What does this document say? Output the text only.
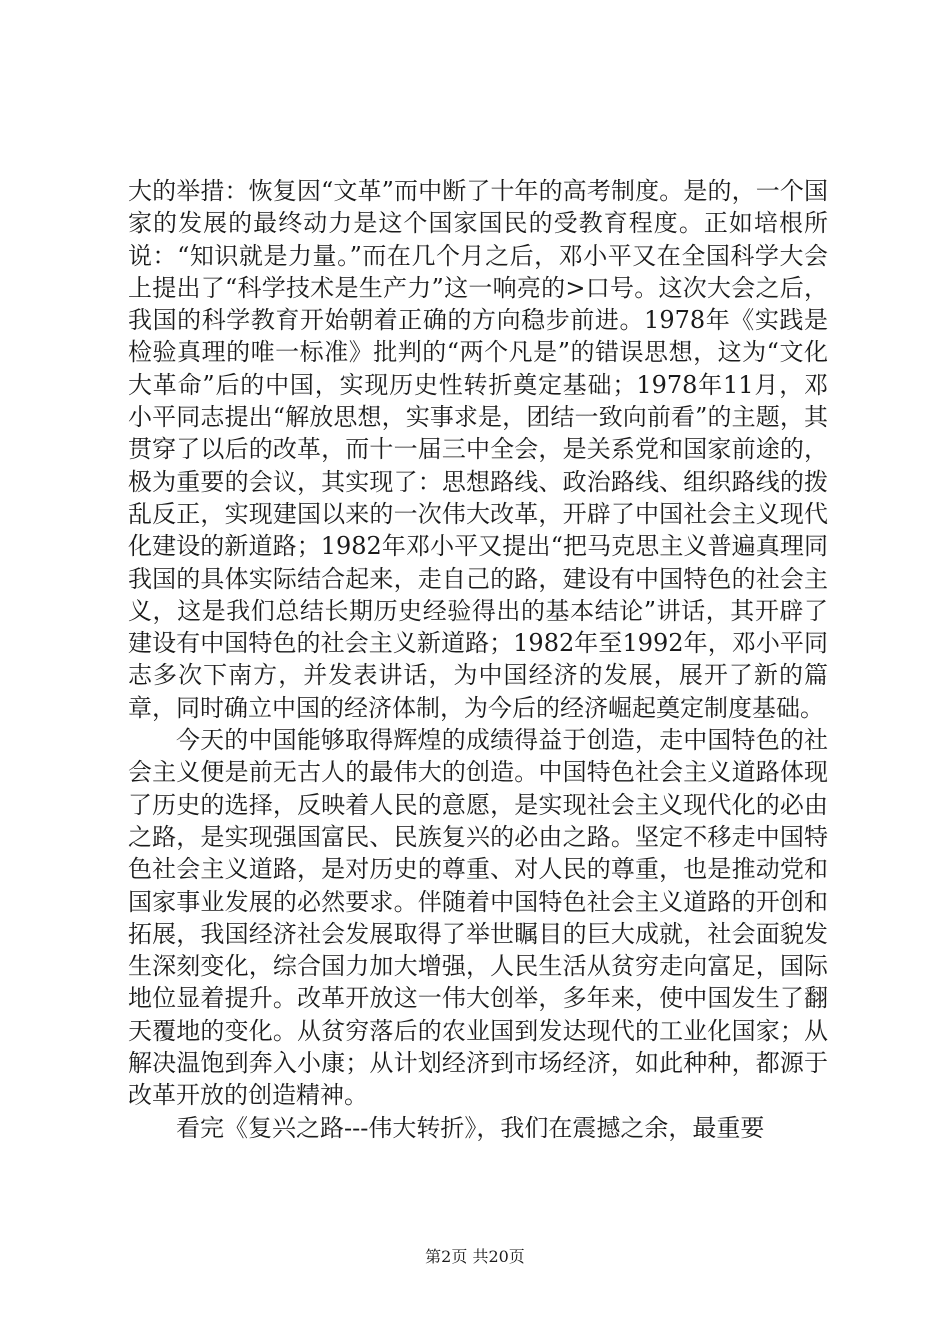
大的举措：恢复因“文革”而中断了十年的高考制度。是的，一个国家的发展的最终动力是这个国家国民的受教育程度。正如培根所说：“知识就是力量。”而在几个月之后，邓小平又在全国科学大会上提出了“科学技术是生产力”这一响亮的>口号。这次大会之后，我国的科学教育开始朝着正确的方向稳步前进。1978年《实践是检验真理的唯一标准》批判的“两个凡是”的错误思想，这为“文化大革命”后的中国，实现历史性转折奠定基础；1978年11月，邓小平同志提出“解放思想，实事求是，团结一致向前看”的主题，其贯穿了以后的改革，而十一届三中全会，是关系党和国家前途的，极为重要的会议，其实现了：思想路线、政治路线、组织路线的拨乱反正，实现建国以来的一次伟大改革，开辟了中国社会主义现代化建设的新道路；1982年邓小平又提出“把马克思主义普遍真理同我国的具体实际结合起来，走自己的路，建设有中国特色的社会主义，这是我们总结长期历史经验得出的基本结论”讲话，其开辟了建设有中国特色的社会主义新道路；1982年至1992年，邓小平同志多次下南方，并发表讲话，为中国经济的发展，展开了新的篇章，同时确立中国的经济体制，为今后的经济崛起奠定制度基础。

今天的中国能够取得辉煌的成绩得益于创造，走中国特色的社会主义便是前无古人的最伟大的创造。中国特色社会主义道路体现了历史的选择，反映着人民的意愿，是实现社会主义现代化的必由之路，是实现强国富民、民族复兴的必由之路。坚定不移走中国特色社会主义道路，是对历史的尊重、对人民的尊重，也是推动党和国家事业发展的必然要求。伴随着中国特色社会主义道路的开创和拓展，我国经济社会发展取得了举世瞩目的巨大成就，社会面貌发生深刻变化，综合国力加大增强，人民生活从贫穷走向富足，国际地位显着提升。改革开放这一伟大创举，多年来，使中国发生了翻天覆地的变化。从贫穷落后的农业国到发达现代的工业化国家；从解决温饱到奔入小康；从计划经济到市场经济，如此种种，都源于改革开放的创造精神。

看完《复兴之路---伟大转折》，我们在震撼之余，最重要

第2页 共20页
